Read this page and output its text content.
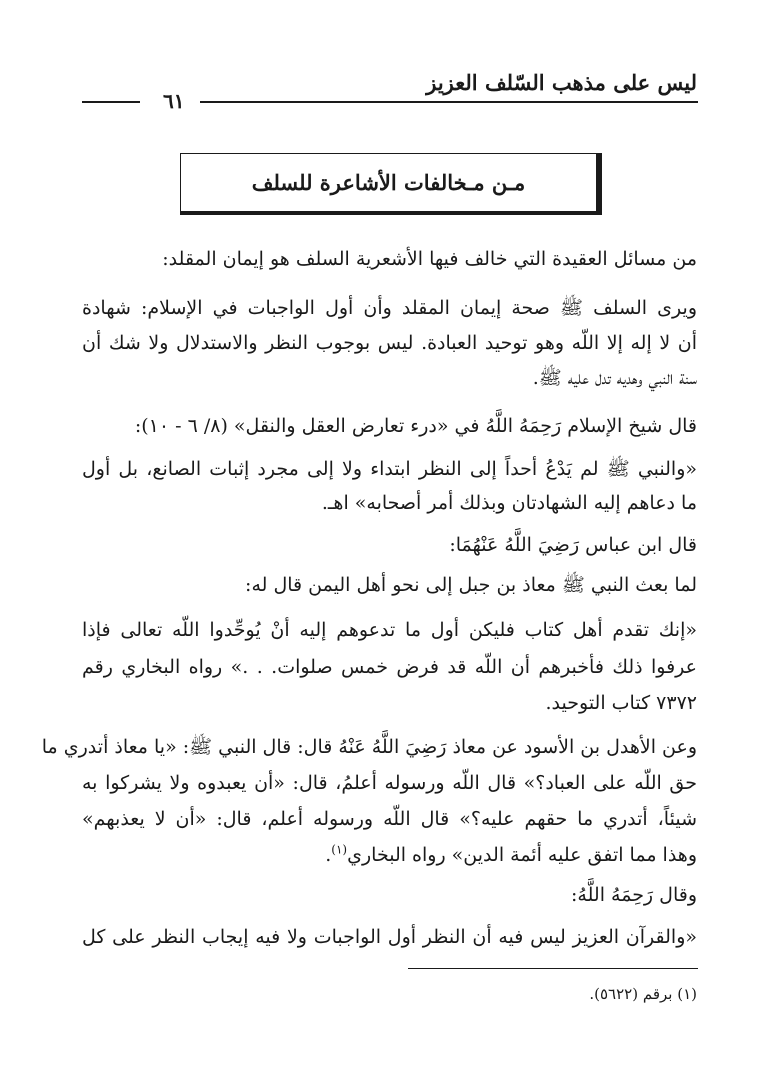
ليس على مذهب السّلف العزيز
٦١
مـن مـخالفات الأشاعرة للسلف
من مسائل العقيدة التي خالف فيها الأشعرية السلف هو إيمان المقلد:
ويرى السلف ﷺ صحة إيمان المقلد وأن أول الواجبات في الإسلام: شهادة
أن لا إله إلا اللّه وهو توحيد العبادة. ليس بوجوب النظر والاستدلال ولا شك أن
سنة النبي وهديه تدل عليه ﷺ.
قال شيخ الإسلام رَحِمَهُ اللَّهُ في «درء تعارض العقل والنقل» (٨/ ٦ - ١٠):
«والنبي ﷺ لم يَدْعُ أحداً إلى النظر ابتداء ولا إلى مجرد إثبات الصانع، بل أول
ما دعاهم إليه الشهادتان وبذلك أمر أصحابه» اهـ.
قال ابن عباس رَضِيَ اللَّهُ عَنْهُمَا:
لما بعث النبي ﷺ معاذ بن جبل إلى نحو أهل اليمن قال له:
«إنك تقدم أهل كتاب فليكن أول ما تدعوهم إليه أنْ يُوحِّدوا اللّه تعالى فإذا
عرفوا ذلك فأخبرهم أن اللّه قد فرض خمس صلوات. . .» رواه البخاري رقم
٧٣٧٢ كتاب التوحيد.
وعن الأهدل بن الأسود عن معاذ رَضِيَ اللَّهُ عَنْهُ قال: قال النبي ﷺ: «يا معاذ أتدري ما
حق اللّه على العباد؟» قال اللّه ورسوله أعلمُ، قال: «أن يعبدوه ولا يشركوا به
شيئاً، أتدري ما حقهم عليه؟» قال اللّه ورسوله أعلم، قال: «أن لا يعذبهم»
وهذا مما اتفق عليه أئمة الدين» رواه البخاري$^{(١)}$.
وقال رَحِمَهُ اللَّهُ:
«والقرآن العزيز ليس فيه أن النظر أول الواجبات ولا فيه إيجاب النظر على كل
(١) برقم (٥٦٢٢).
